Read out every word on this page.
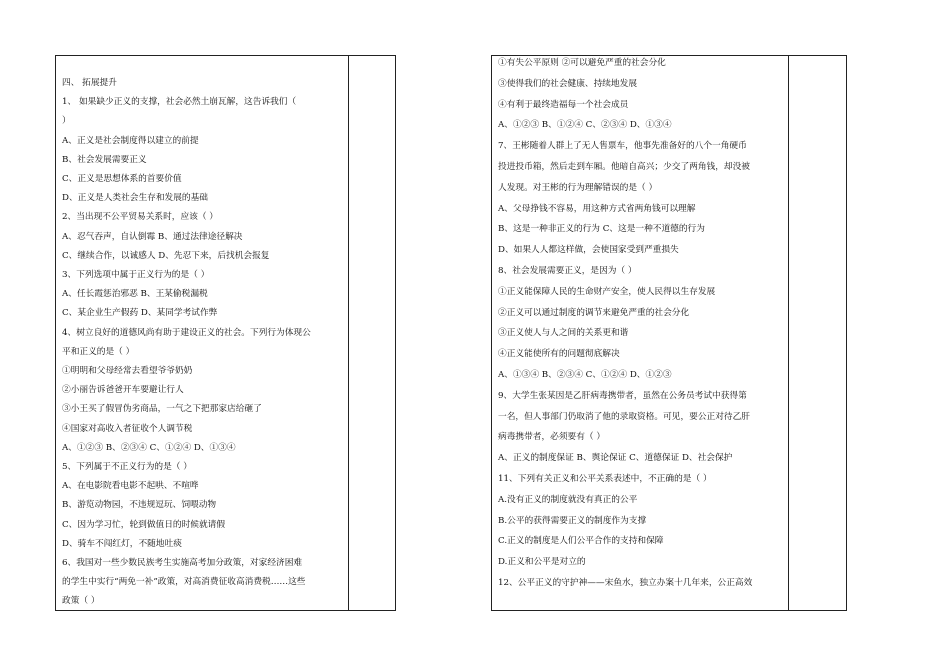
四、 拓展提升
1、 如果缺少正义的支撑，社会必然土崩瓦解，这告诉我们（
）
A、正义是社会制度得以建立的前提
B、社会发展需要正义
C、正义是思想体系的首要价值
D、正义是人类社会生存和发展的基础
2、当出现不公平贸易关系时，应该（ ）
A、忍气吞声，自认倒霉 B、通过法律途径解决
C、继续合作，以诚感人 D、先忍下来，后找机会报复
3、下列选项中属于正义行为的是（ ）
A、任长霞惩治邪恶 B、王某偷税漏税
C、某企业生产假药 D、某同学考试作弊
4、树立良好的道德风尚有助于建设正义的社会。下列行为体现公
平和正义的是（ ）
①明明和父母经常去看望爷爷奶奶
②小丽告诉爸爸开车要避让行人
③小王买了假冒伪劣商品，一气之下把那家店给砸了
④国家对高收入者征收个人调节税
A、①②③ B、②③④ C、①②④ D、①③④
5、下列属于不正义行为的是（ ）
A、在电影院看电影不起哄、不喧哗
B、游览动物园，不违规逗玩、饲喂动物
C、因为学习忙，轮到做值日的时候就请假
D、骑车不闯红灯，不随地吐痰
6、我国对一些少数民族考生实施高考加分政策，对家经济困难
的学生中实行“两免一补”政策，对高消费征收高消费税……这些
政策（ ）
①有失公平原则 ②可以避免严重的社会分化
③使得我们的社会健康、持续地发展
④有利于最终造福每一个社会成员
A、①②③ B、①②④ C、②③④ D、①③④
7、王彬随着人群上了无人售票车，他事先准备好的八个一角硬币
投进投币箱，然后走到车厢。他暗自高兴；少交了两角钱，却没被
人发现。对王彬的行为理解错误的是（ ）
A、父母挣钱不容易，用这种方式省两角钱可以理解
B、这是一种非正义的行为 C、这是一种不道德的行为
D、如果人人都这样做，会使国家受到严重损失
8、社会发展需要正义，是因为（ ）
①正义能保障人民的生命财产安全，使人民得以生存发展
②正义可以通过制度的调节来避免严重的社会分化
③正义使人与人之间的关系更和谐
④正义能使所有的问题彻底解决
A、①③④ B、②③④ C、①②④ D、①②③
9、大学生张某因是乙肝病毒携带者，虽然在公务员考试中获得第
一名，但人事部门仍取消了他的录取资格。可见，要公正对待乙肝
病毒携带者，必须要有（ ）
A、正义的制度保证 B、舆论保证 C、道德保证 D、社会保护
11、下列有关正义和公平关系表述中，不正确的是（ ）
A.没有正义的制度就没有真正的公平
B.公平的获得需要正义的制度作为支撑
C.正义的制度是人们公平合作的支持和保障
D.正义和公平是对立的
12、公平正义的守护神——宋鱼水，独立办案十几年来，公正高效
